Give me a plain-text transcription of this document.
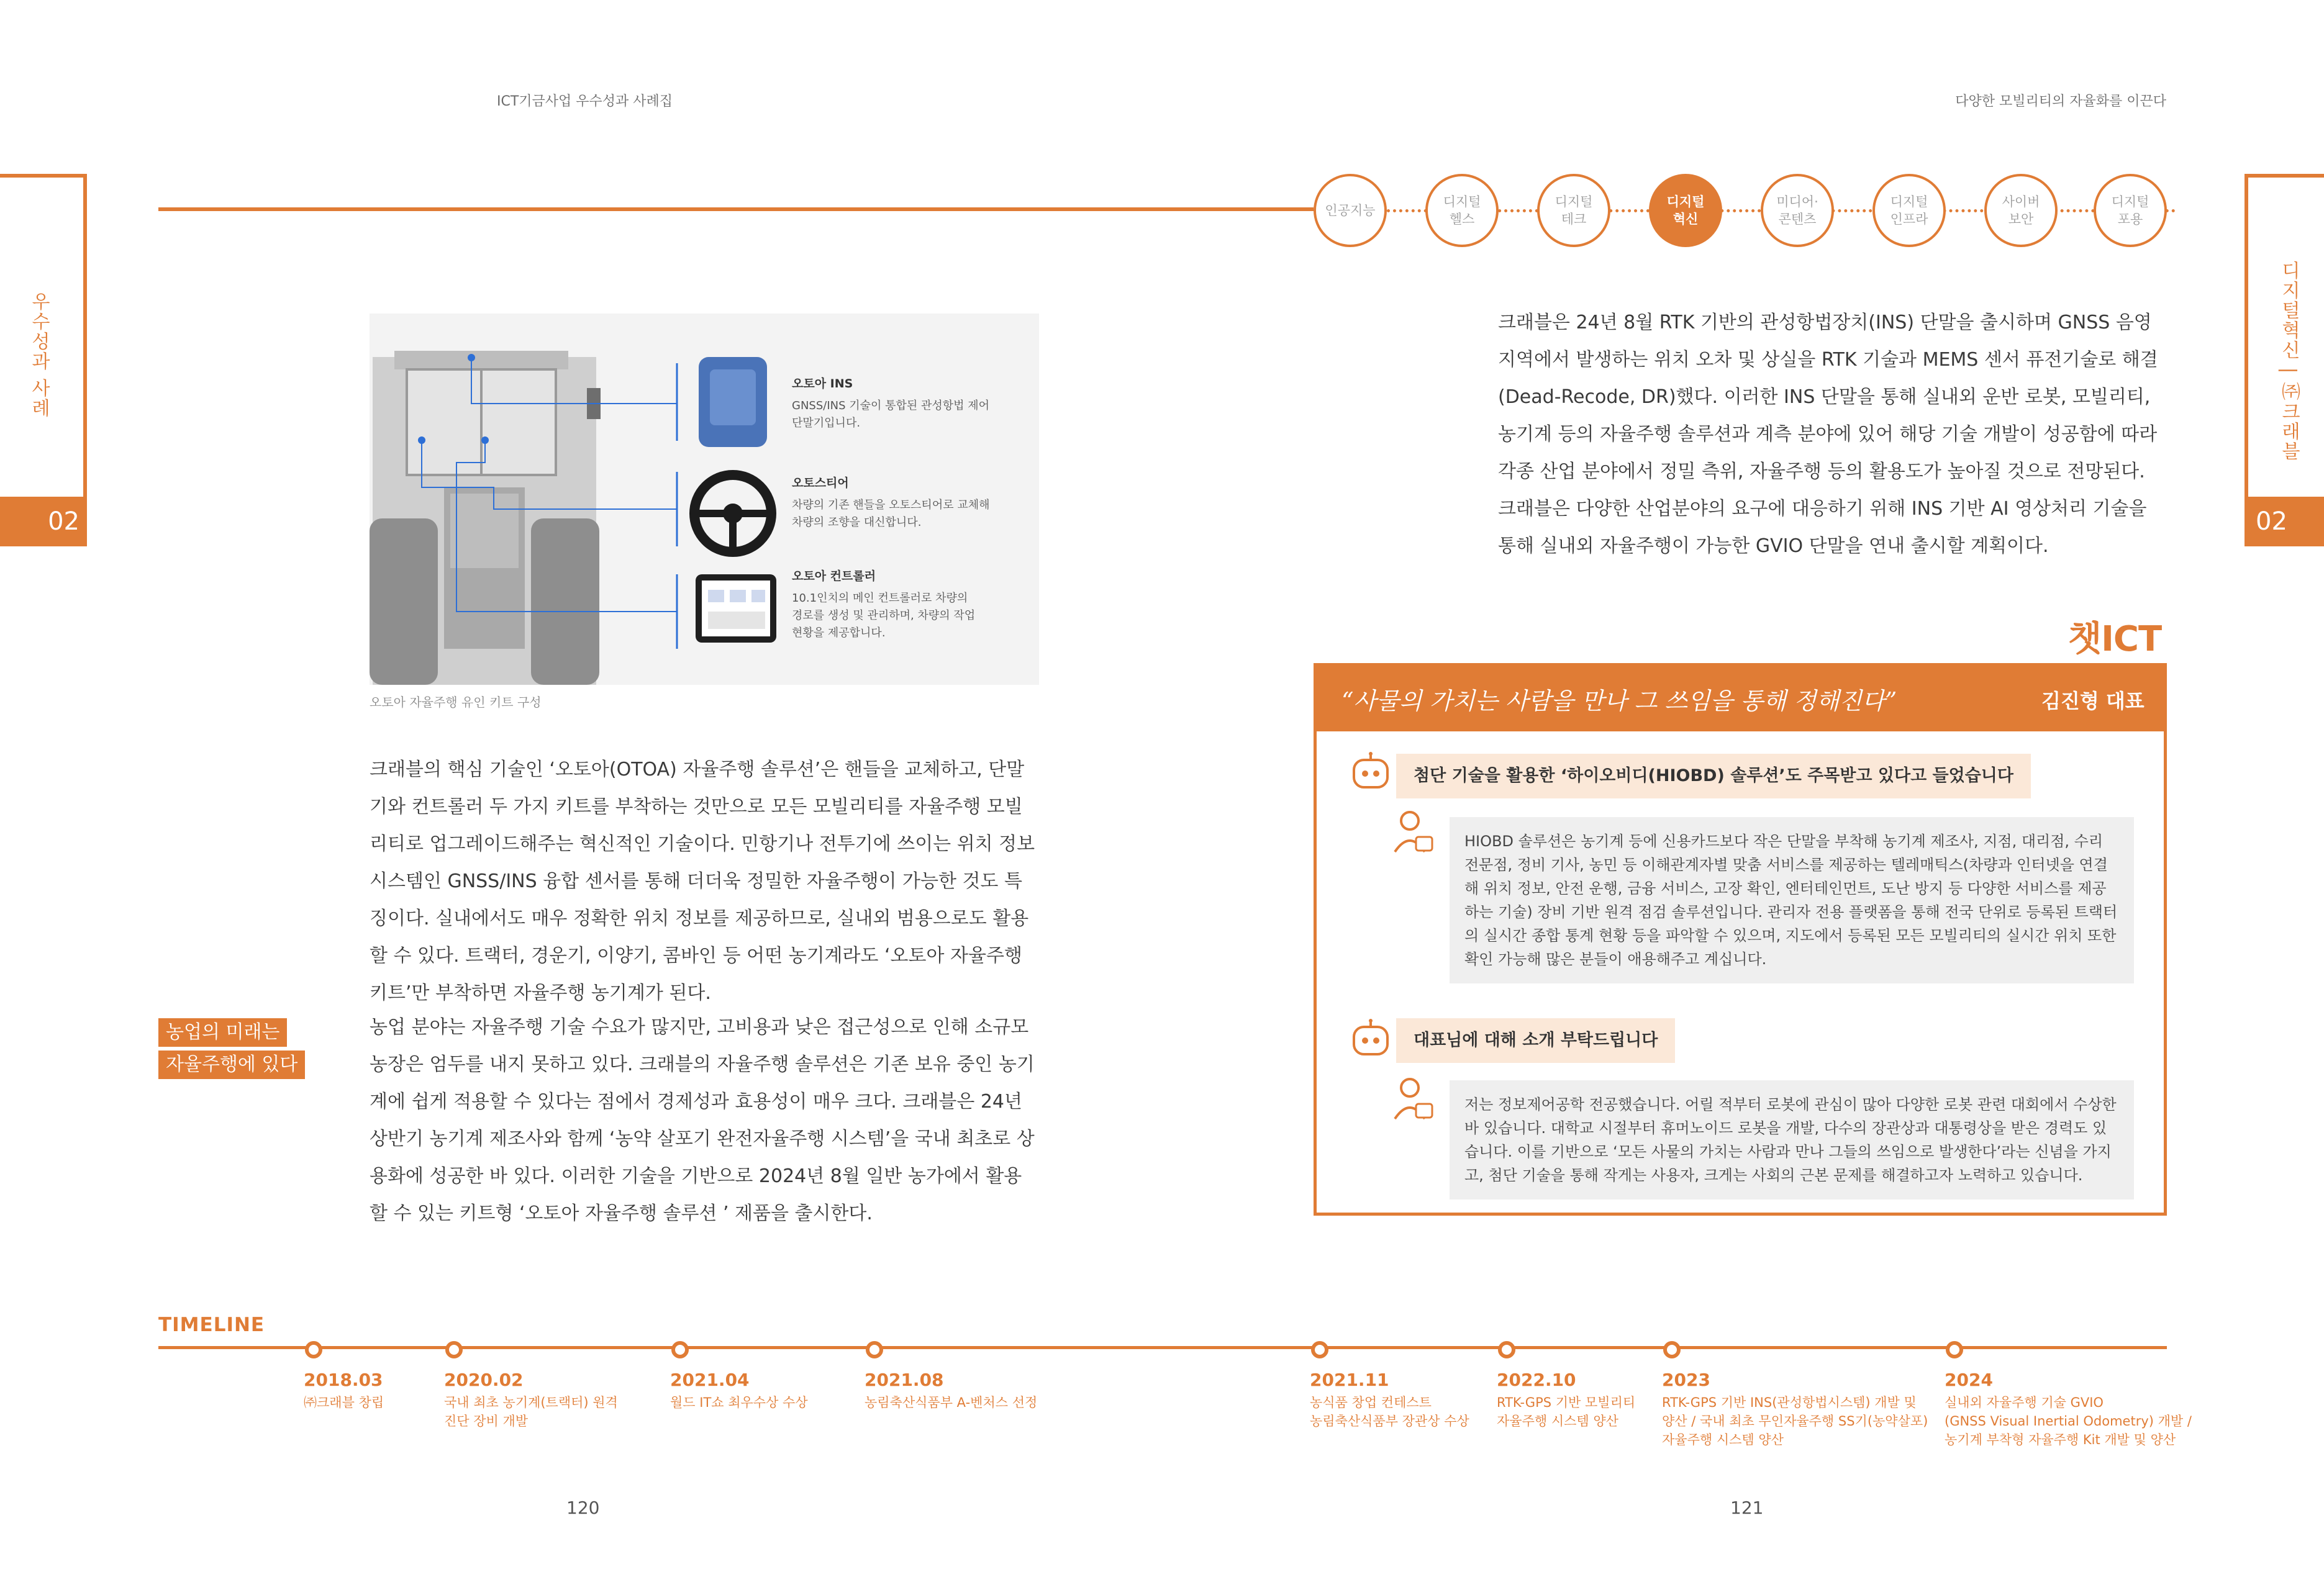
ICT기금사업 우수성과 사례집	다양한 모빌리티의 자율화를 이끈다
우수성과 사례
02
디지털혁신 | ㈜크래블
02
인공지능
디지털
헬스
디지털
테크
디지털
혁신
미디어·
콘텐츠
디지털
인프라
사이버
보안
디지털
포용
오토아 INS
GNSS/INS 기술이 통합된 관성항법 제어
단말기입니다.
오토스티어
차량의 기존 핸들을 오토스티어로 교체해
차량의 조향을 대신합니다.
오토아 컨트롤러
10.1인치의 메인 컨트롤러로 차량의
경로를 생성 및 관리하며, 차량의 작업
현황을 제공합니다.
오토아 자율주행 유인 키트 구성
크래블의 핵심 기술인 ‘오토아(OTOA) 자율주행 솔루션’은 핸들을 교체하고, 단말기와 컨트롤러 두 가지 키트를 부착하는 것만으로 모든 모빌리티를 자율주행 모빌리티로 업그레이드해주는 혁신적인 기술이다. 민항기나 전투기에 쓰이는 위치 정보 시스템인 GNSS/INS 융합 센서를 통해 더더욱 정밀한 자율주행이 가능한 것도 특징이다. 실내에서도 매우 정확한 위치 정보를 제공하므로, 실내외 범용으로도 활용할 수 있다. 트랙터, 경운기, 이양기, 콤바인 등 어떤 농기계라도 ‘오토아 자율주행 키트’만 부착하면 자율주행 농기계가 된다.
농업의 미래는
자율주행에 있다
농업 분야는 자율주행 기술 수요가 많지만, 고비용과 낮은 접근성으로 인해 소규모 농장은 엄두를 내지 못하고 있다. 크래블의 자율주행 솔루션은 기존 보유 중인 농기계에 쉽게 적용할 수 있다는 점에서 경제성과 효용성이 매우 크다. 크래블은 24년 상반기 농기계 제조사와 함께 ‘농약 살포기 완전자율주행 시스템’을 국내 최초로 상용화에 성공한 바 있다. 이러한 기술을 기반으로 2024년 8월 일반 농가에서 활용할 수 있는 키트형 ‘오토아 자율주행 솔루션 ’ 제품을 출시한다.
크래블은 24년 8월 RTK 기반의 관성항법장치(INS) 단말을 출시하며 GNSS 음영지역에서 발생하는 위치 오차 및 상실을 RTK 기술과 MEMS 센서 퓨전기술로 해결(Dead-Recode, DR)했다. 이러한 INS 단말을 통해 실내외 운반 로봇, 모빌리티, 농기계 등의 자율주행 솔루션과 계측 분야에 있어 해당 기술 개발이 성공함에 따라 각종 산업 분야에서 정밀 측위, 자율주행 등의 활용도가 높아질 것으로 전망된다. 크래블은 다양한 산업분야의 요구에 대응하기 위해 INS 기반 AI 영상처리 기술을 통해 실내외 자율주행이 가능한 GVIO 단말을 연내 출시할 계획이다.
챗ICT
“사물의 가치는 사람을 만나 그 쓰임을 통해 정해진다”	김진형 대표
첨단 기술을 활용한 ‘하이오비디(HIOBD) 솔루션’도 주목받고 있다고 들었습니다
HIOBD 솔루션은 농기계 등에 신용카드보다 작은 단말을 부착해 농기계 제조사, 지점, 대리점, 수리 전문점, 정비 기사, 농민 등 이해관계자별 맞춤 서비스를 제공하는 텔레매틱스(차량과 인터넷을 연결해 위치 정보, 안전 운행, 금융 서비스, 고장 확인, 엔터테인먼트, 도난 방지 등 다양한 서비스를 제공하는 기술) 장비 기반 원격 점검 솔루션입니다. 관리자 전용 플랫폼을 통해 전국 단위로 등록된 트랙터의 실시간 종합 통계 현황 등을 파악할 수 있으며, 지도에서 등록된 모든 모빌리티의 실시간 위치 또한 확인 가능해 많은 분들이 애용해주고 계십니다.
대표님에 대해 소개 부탁드립니다
저는 정보제어공학 전공했습니다. 어릴 적부터 로봇에 관심이 많아 다양한 로봇 관련 대회에서 수상한 바 있습니다. 대학교 시절부터 휴머노이드 로봇을 개발, 다수의 장관상과 대통령상을 받은 경력도 있습니다. 이를 기반으로 ‘모든 사물의 가치는 사람과 만나 그들의 쓰임으로 발생한다’라는 신념을 가지고, 첨단 기술을 통해 작게는 사용자, 크게는 사회의 근본 문제를 해결하고자 노력하고 있습니다.
TIMELINE
2018.03
㈜크래블 창립
2020.02
국내 최초 농기계(트랙터) 원격
진단 장비 개발
2021.04
월드 IT쇼 최우수상 수상
2021.08
농림축산식품부 A-벤처스 선정
2021.11
농식품 창업 컨테스트
농림축산식품부 장관상 수상
2022.10
RTK-GPS 기반 모빌리티
자율주행 시스템 양산
2023
RTK-GPS 기반 INS(관성항법시스템) 개발 및
양산 / 국내 최초 무인자율주행 SS기(농약살포)
자율주행 시스템 양산
2024
실내외 자율주행 기술 GVIO
(GNSS Visual Inertial Odometry) 개발 /
농기계 부착형 자율주행 Kit 개발 및 양산
120	121
